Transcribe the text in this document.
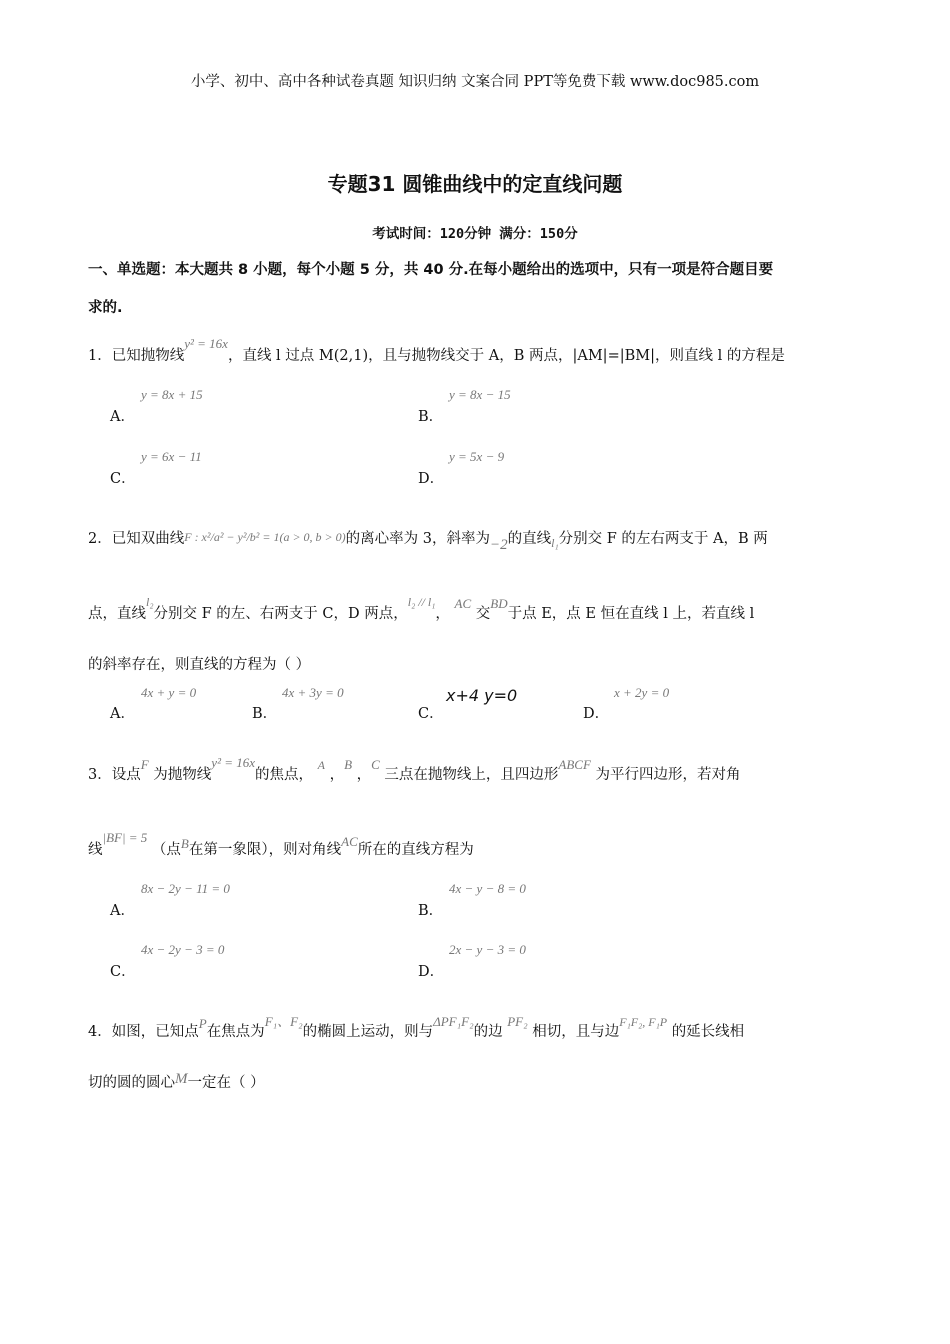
小学、初中、高中各种试卷真题 知识归纳 文案合同 PPT等免费下载 www.doc985.com
专题31 圆锥曲线中的定直线问题
考试时间：120分钟 满分：150分
一、单选题：本大题共 8 小题，每个小题 5 分，共 40 分.在每小题给出的选项中，只有一项是符合题目要
求的.
1．已知抛物线y² = 16x，直线 l 过点 M(2,1)，且与抛物线交于 A，B 两点，|AM|=|BM|，则直线 l 的方程是
y = 8x + 15
A．
y = 8x − 15
B．
y = 6x − 11
C．
y = 5x − 9
D．
2．已知双曲线F : x²/a² − y²/b² = 1(a > 0, b > 0)的离心率为 3，斜率为−2的直线$_{l_1}$分别交 F 的左右两支于 A，B 两
点，直线$^{l_2}$分别交 F 的左、右两支于 C，D 两点，$^{l_2 // l_1}$， AC 交BD于点 E，点 E 恒在直线 l 上，若直线 l
的斜率存在，则直线的方程为（ ）
4x + y = 0
A．
4x + 3y = 0
B．
x+4 y=0
C．
x + 2y = 0
D．
3．设点F 为抛物线y² = 16x的焦点， $^A$ ，B ，C 三点在抛物线上，且四边形ABCF 为平行四边形，若对角
线|BF| = 5 （点B在第一象限），则对角线AC所在的直线方程为
8x − 2y − 11 = 0
A．
4x − y − 8 = 0
B．
4x − 2y − 3 = 0
C．
2x − y − 3 = 0
D．
4．如图，已知点P在焦点为F₁、F₂的椭圆上运动，则与ΔPF₁F₂的边 PF₂ 相切，且与边$^{F_1F_2, F_1P}$ 的延长线相
切的圆的圆心M一定在（ ）
